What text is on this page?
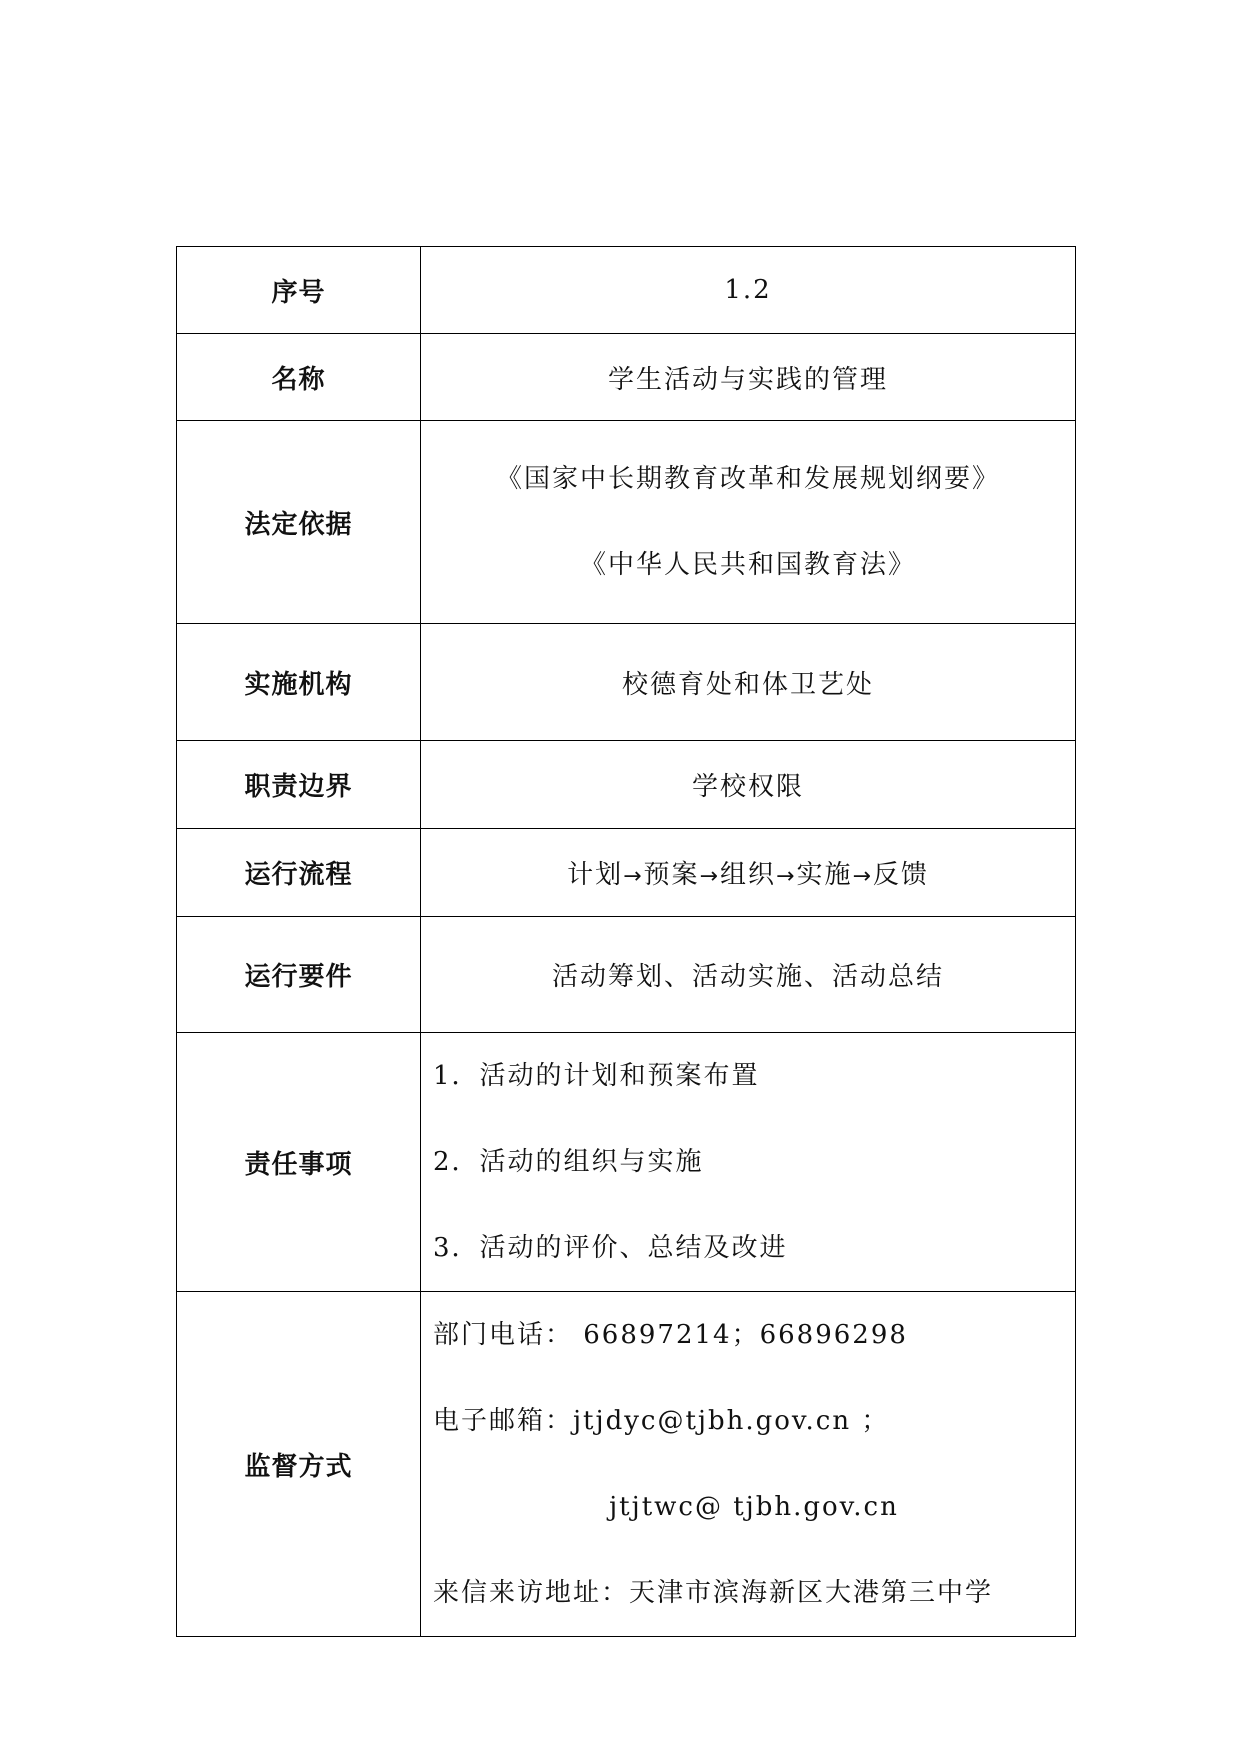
序号	1.2
名称	学生活动与实践的管理
法定依据	《国家中长期教育改革和发展规划纲要》
《中华人民共和国教育法》

实施机构	校德育处和体卫艺处
职责边界	学校权限
运行流程	计划→预案→组织→实施→反馈
运行要件	活动筹划、活动实施、活动总结
责任事项	1．活动的计划和预案布置
2．活动的组织与实施
3．活动的评价、总结及改进

监督方式	部门电话： 66897214；66896298
电子邮箱：jtjdyc@tjbh.gov.cn ；
jtjtwc@ tjbh.gov.cn
来信来访地址：天津市滨海新区大港第三中学
